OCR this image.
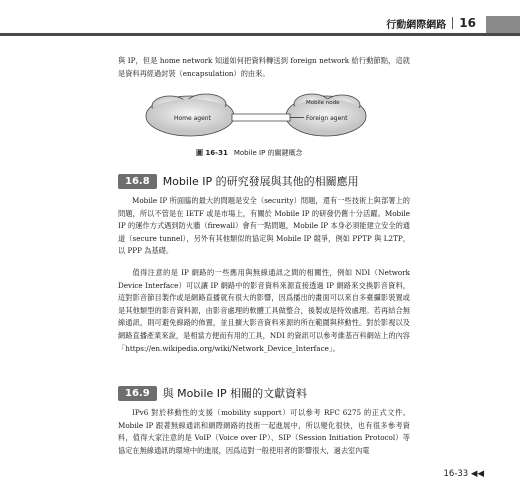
行動網際網路 16

與 IP，但是 home network 知道如何把資料轉送到 foreign network 給行動節點，這就是資料再經過封裝（encapsulation）的由來。

Home agent
Mobile node
Foreign agent
圖 16-31 Mobile IP 的關鍵概念
16.8	Mobile IP 的研究發展與其他的相關應用

Mobile IP 所面臨的最大的問題是安全（security）問題，還有一些技術上與部署上的問題，所以不管是在 IETF 或是市場上，有關於 Mobile IP 的研發仍舊十分活躍。Mobile IP 的運作方式遇到防火牆（firewall）會有一點問題，Mobile IP 本身必須能建立安全的通道（secure tunnel），另外有其他類似的協定與 Mobile IP 競爭，例如 PPTP 與 L2TP，以 PPP 為基礎。

值得注意的是 IP 網路的一些應用與無線通訊之間的相關性，例如 NDI（Network Device Interface）可以讓 IP 網路中的影音資料來源直接透過 IP 網路來交換影音資料，這對影音節目製作或是網路直播就有很大的影響，因爲播出的畫面可以來自多臺攝影裝置或是其他類型的影音資料源，由影音處理的軟體工具做整合，後製或是特效處理。若再結合無線通訊，則可避免線路的佈置，並且擴大影音資料來源的所在範圍與移動性。對於影視以及網路直播產業來說，是相當方便而有用的工具，NDI 的資訊可以參考維基百科網站上的內容「https://en.wikipedia.org/wiki/Network_Device_Interface」。

16.9	與 Mobile IP 相關的文獻資料

IPv6 對於移動性的支援（mobility support）可以參考 RFC 6275 的正式文件。Mobile IP 跟著無線通訊和網際網路的技術一起進展中，所以變化很快，也有很多參考資料，值得大家注意的是 VoIP（Voice over IP）、SIP（Session Initiation Protocol）等協定在無線通訊的環境中的進展，因爲這對一般使用者的影響很大，過去室內電

16-33 ◀◀
